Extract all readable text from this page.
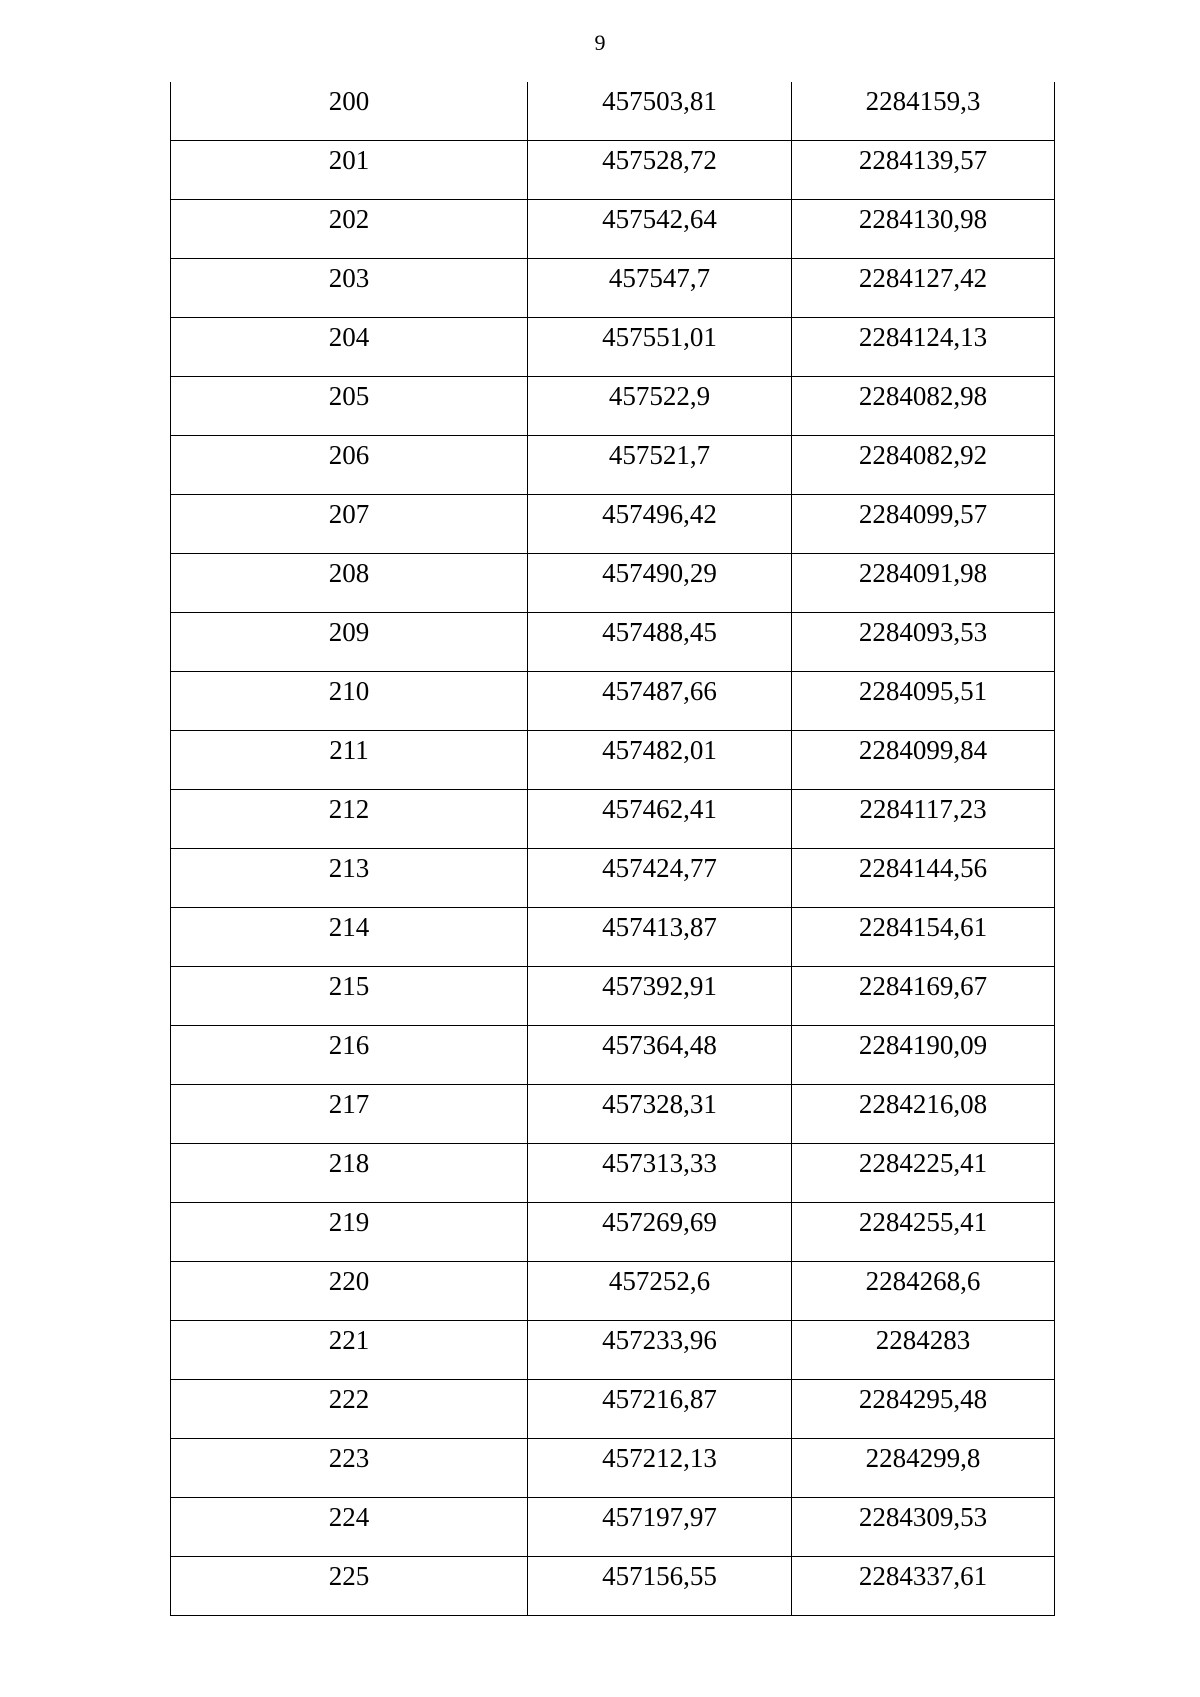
9
200	457503,81	2284159,3
201	457528,72	2284139,57
202	457542,64	2284130,98
203	457547,7	2284127,42
204	457551,01	2284124,13
205	457522,9	2284082,98
206	457521,7	2284082,92
207	457496,42	2284099,57
208	457490,29	2284091,98
209	457488,45	2284093,53
210	457487,66	2284095,51
211	457482,01	2284099,84
212	457462,41	2284117,23
213	457424,77	2284144,56
214	457413,87	2284154,61
215	457392,91	2284169,67
216	457364,48	2284190,09
217	457328,31	2284216,08
218	457313,33	2284225,41
219	457269,69	2284255,41
220	457252,6	2284268,6
221	457233,96	2284283
222	457216,87	2284295,48
223	457212,13	2284299,8
224	457197,97	2284309,53
225	457156,55	2284337,61
